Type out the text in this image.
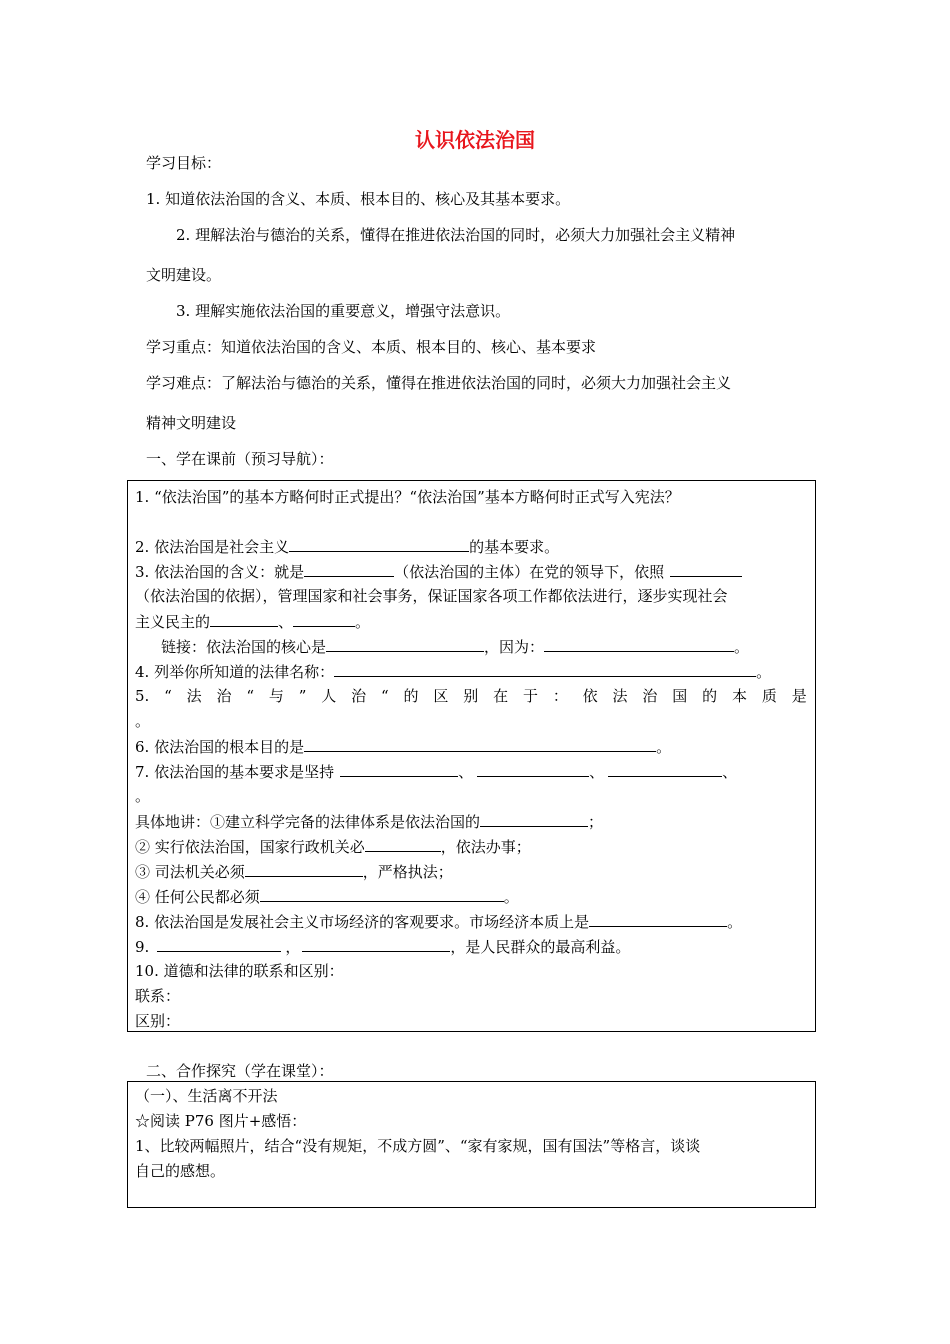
认识依法治国
学习目标：
1. 知道依法治国的含义、本质、根本目的、核心及其基本要求。
2. 理解法治与德治的关系，懂得在推进依法治国的同时，必须大力加强社会主义精神
文明建设。
3. 理解实施依法治国的重要意义，增强守法意识。
学习重点：知道依法治国的含义、本质、根本目的、核心、基本要求
学习难点：了解法治与德治的关系，懂得在推进依法治国的同时，必须大力加强社会主义
精神文明建设
一、学在课前（预习导航）：
1. “依法治国”的基本方略何时正式提出？“依法治国”基本方略何时正式写入宪法？
2. 依法治国是社会主义	的基本要求。
3. 依法治国的含义：就是	（依法治国的主体）在党的领导下，依照
（依法治国的依据），管理国家和社会事务，保证国家各项工作都依法进行，逐步实现社会
主义民主的	、	。
链接：依法治国的核心是	，因为：	。
4. 列举你所知道的法律名称：	。
5. “ 法 治 “ 与 ” 人 治 “ 的 区 别 在 于 ： 依 法 治 国 的 本 质 是
。
6. 依法治国的根本目的是	。
7. 依法治国的基本要求是坚持	、	、	、
。
具体地讲：①建立科学完备的法律体系是依法治国的	；
② 实行依法治国，国家行政机关必	，依法办事；
③ 司法机关必须	，严格执法；
④ 任何公民都必须	。
8. 依法治国是发展社会主义市场经济的客观要求。市场经济本质上是	。
9.	，	，是人民群众的最高利益。
10. 道德和法律的联系和区别：
联系：
区别：
二、合作探究（学在课堂）：
（一）、生活离不开法
☆阅读 P76 图片+感悟：
1、比较两幅照片，结合“没有规矩，不成方圆”、“家有家规，国有国法”等格言，谈谈
自己的感想。
